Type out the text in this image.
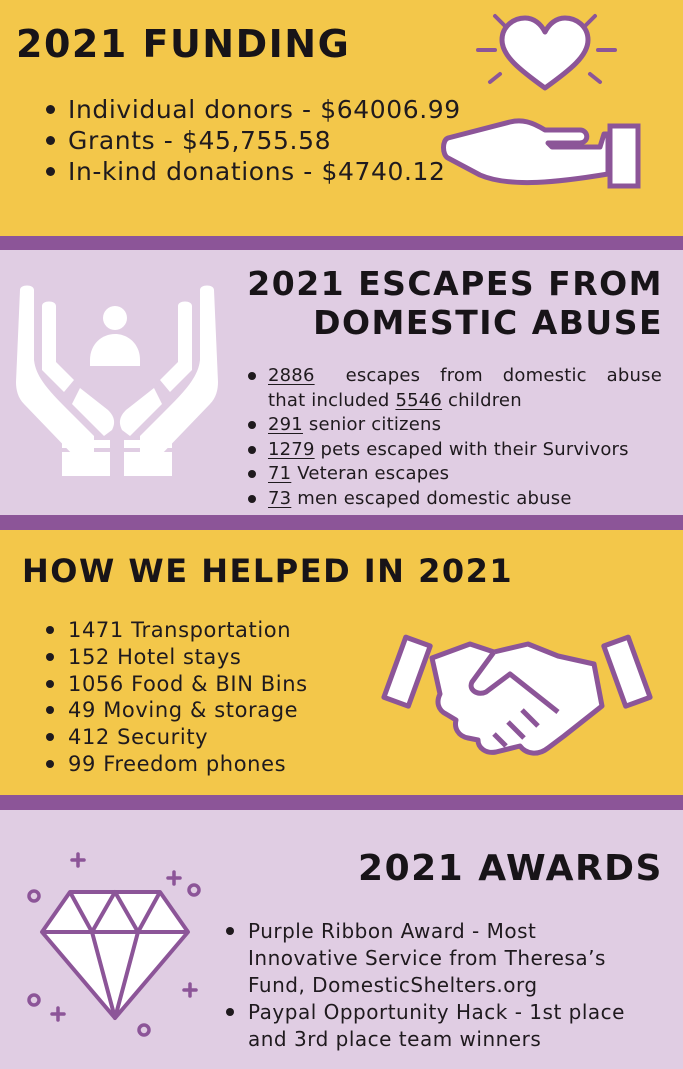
2021 FUNDING
Individual donors - $64006.99
Grants - $45,755.58
In-kind donations - $4740.12
2021 ESCAPES FROM
DOMESTIC ABUSE
2886 escapes from domestic abuse
that included 5546 children
291 senior citizens
1279 pets escaped with their Survivors
71 Veteran escapes
73 men escaped domestic abuse
HOW WE HELPED IN 2021
1471 Transportation
152 Hotel stays
1056 Food & BIN Bins
49 Moving & storage
412 Security
99 Freedom phones
2021 AWARDS
Purple Ribbon Award - Most
Innovative Service from Theresa’s
Fund, DomesticShelters.org
Paypal Opportunity Hack - 1st place
and 3rd place team winners
